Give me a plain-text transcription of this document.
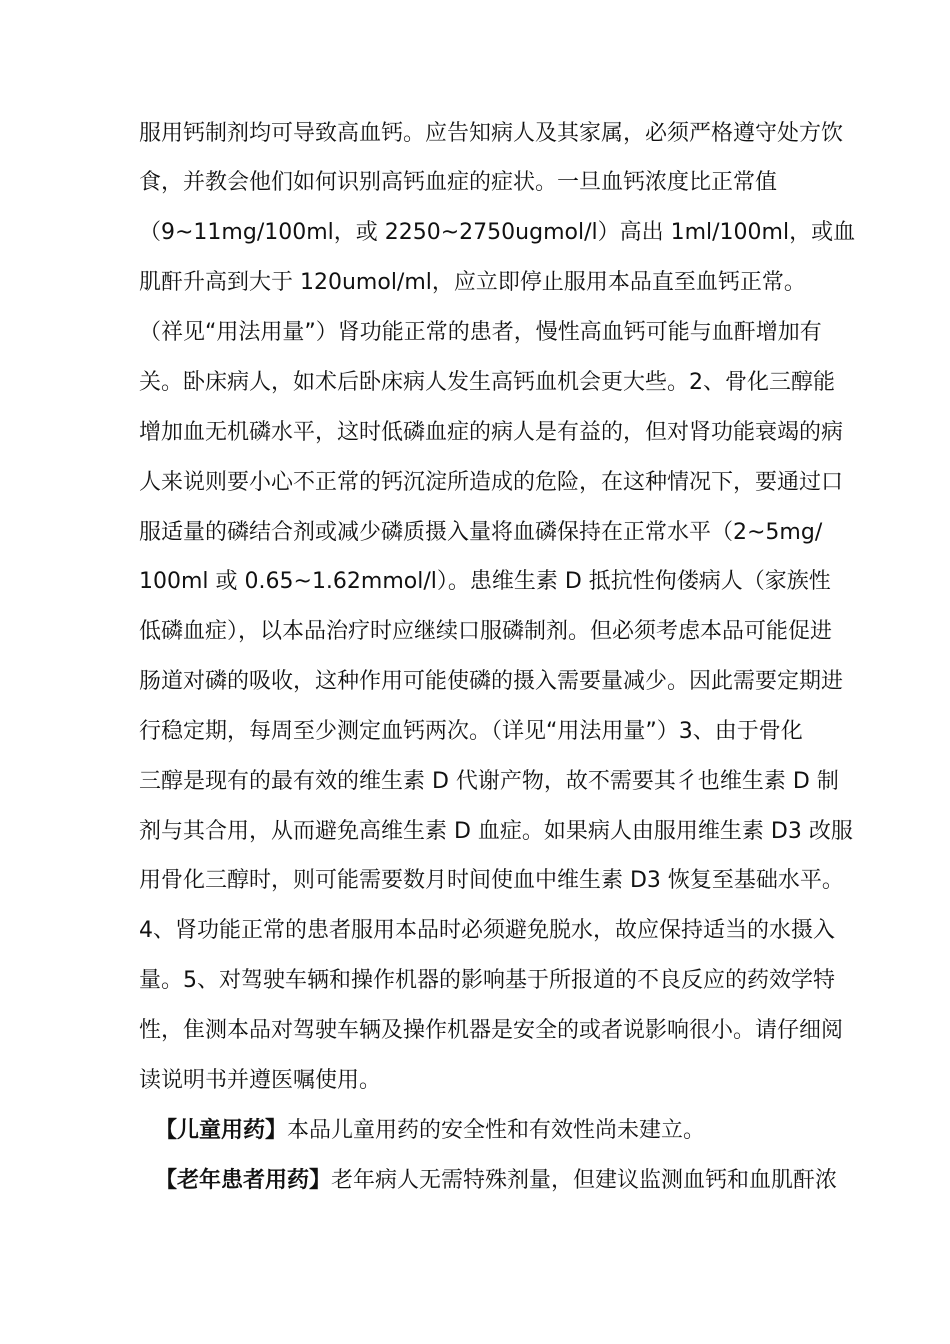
服用钙制剂均可导致高血钙。应告知病人及其家属，必须严格遵守处方饮
食，并教会他们如何识别高钙血症的症状。一旦血钙浓度比正常值
（9~11mg/100ml，或 2250~2750ugmol/l）高出 1ml/100ml，或血
肌酐升高到大于 120umol/ml，应立即停止服用本品直至血钙正常。
（祥见“用法用量”）肾功能正常的患者，慢性高血钙可能与血酐增加有
关。卧床病人，如术后卧床病人发生高钙血机会更大些。2、骨化三醇能
增加血无机磷水平，这时低磷血症的病人是有益的，但对肾功能衰竭的病
人来说则要小心不正常的钙沉淀所造成的危险，在这种情况下，要通过口
服适量的磷结合剂或减少磷质摄入量将血磷保持在正常水平（2~5mg/
100ml 或 0.65~1.62mmol/l）。患维生素 D 抵抗性佝偻病人（家族性
低磷血症），以本品治疗时应继续口服磷制剂。但必须考虑本品可能促进
肠道对磷的吸收，这种作用可能使磷的摄入需要量减少。因此需要定期进
行稳定期，每周至少测定血钙两次。（详见“用法用量”）3、由于骨化
三醇是现有的最有效的维生素 D 代谢产物，故不需要其彳也维生素 D 制
剂与其合用，从而避免高维生素 D 血症。如果病人由服用维生素 D3 改服
用骨化三醇时，则可能需要数月时间使血中维生素 D3 恢复至基础水平。
4、肾功能正常的患者服用本品时必须避免脱水，故应保持适当的水摄入
量。5、对驾驶车辆和操作机器的影响基于所报道的不良反应的药效学特
性，隹测本品对驾驶车辆及操作机器是安全的或者说影响很小。请仔细阅
读说明书并遵医嘱使用。
【儿童用药】本品儿童用药的安全性和有效性尚未建立。
【老年患者用药】老年病人无需特殊剂量，但建议监测血钙和血肌酐浓
